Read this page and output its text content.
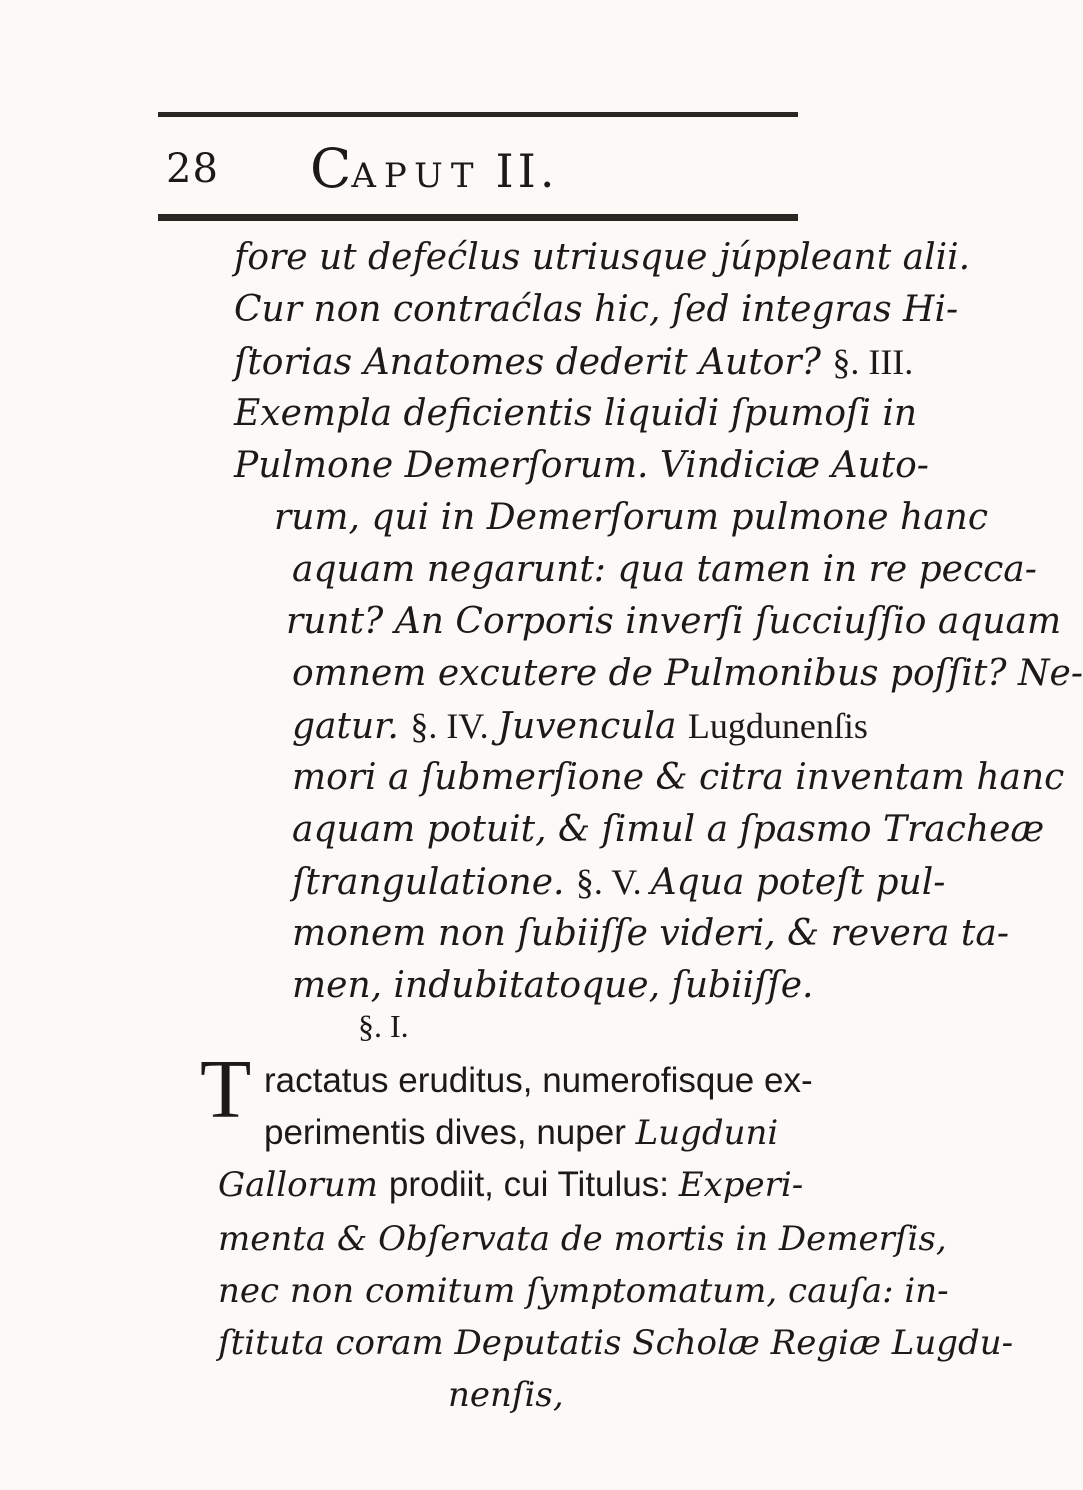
28 CAPUT II.
fore ut defećlus utriusque júppleant alii.
Cur non contraćlas hic, ſed integras Hi-
ſtorias Anatomes dederit Autor? §. III.
Exempla deficientis liquidi ſpumoſi in
Pulmone Demerſorum. Vindiciæ Auto-
rum, qui in Demerſorum pulmone hanc
aquam negarunt: qua tamen in re pecca-
runt? An Corporis inverſi ſucciuſſio aquam
omnem excutere de Pulmonibus poſſit? Ne-
gatur. §. IV. Juvencula Lugdunenſis
mori a ſubmerſione & citra inventam hanc
aquam potuit, & ſimul a ſpasmo Tracheæ
ſtrangulatione. §. V. Aqua poteſt pul-
monem non ſubiiſſe videri, & revera ta-
men, indubitatoque, ſubiiſſe.
§. I.
T ractatus eruditus, numerofisque ex-
perimentis dives, nuper Lugduni
Gallorum prodiit, cui Titulus: Experi-
menta & Obſervata de mortis in Demerſis,
nec non comitum ſymptomatum, cauſa: in-
ſtituta coram Deputatis Scholæ Regiæ Lugdu-
nenſis,
